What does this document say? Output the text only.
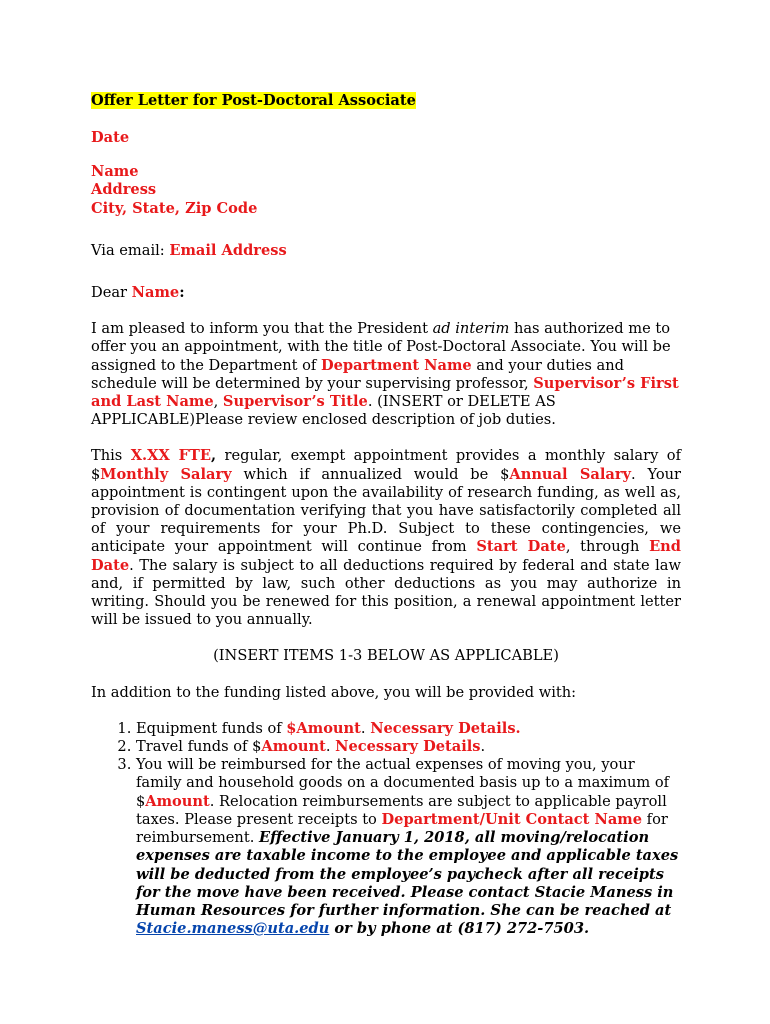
Offer Letter for Post-Doctoral Associate

Date

Name

Address

City, State, Zip Code

Via email: Email Address

Dear Name:

I am pleased to inform you that the President ad interim has authorized me to offer you an appointment, with the title of Post-Doctoral Associate. You will be assigned to the Department of Department Name and your duties and schedule will be determined by your supervising professor, Supervisor’s First and Last Name, Supervisor’s Title. (INSERT or DELETE AS APPLICABLE)Please review enclosed description of job duties.

This X.XX FTE, regular, exempt appointment provides a monthly salary of $Monthly Salary which if annualized would be $Annual Salary. Your appointment is contingent upon the availability of research funding, as well as, provision of documentation verifying that you have satisfactorily completed all of your requirements for your Ph.D. Subject to these contingencies, we anticipate your appointment will continue from Start Date, through End Date. The salary is subject to all deductions required by federal and state law and, if permitted by law, such other deductions as you may authorize in writing. Should you be renewed for this position, a renewal appointment letter will be issued to you annually.

(INSERT ITEMS 1-3 BELOW AS APPLICABLE)

In addition to the funding listed above, you will be provided with:

1. Equipment funds of $Amount. Necessary Details.
2. Travel funds of $Amount. Necessary Details.
3. You will be reimbursed for the actual expenses of moving you, your family and household goods on a documented basis up to a maximum of $Amount. Relocation reimbursements are subject to applicable payroll taxes. Please present receipts to Department/Unit Contact Name for reimbursement. Effective January 1, 2018, all moving/relocation expenses are taxable income to the employee and applicable taxes will be deducted from the employee’s paycheck after all receipts for the move have been received. Please contact Stacie Maness in Human Resources for further information. She can be reached at Stacie.maness@uta.edu or by phone at (817) 272-7503.
